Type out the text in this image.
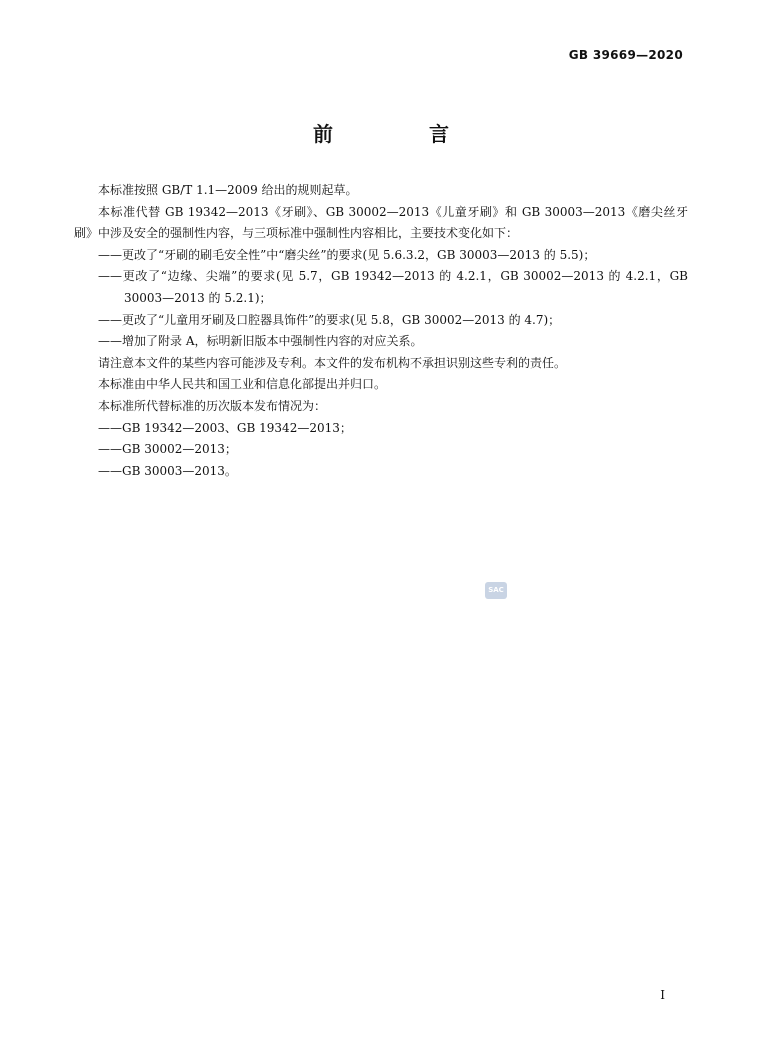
GB 39669—2020
前　言

本标准按照 GB/T 1.1—2009 给出的规则起草。

本标准代替 GB 19342—2013《牙刷》、GB 30002—2013《儿童牙刷》和 GB 30003—2013《磨尖丝牙刷》中涉及安全的强制性内容，与三项标准中强制性内容相比，主要技术变化如下：

——更改了“牙刷的刷毛安全性”中“磨尖丝”的要求(见 5.6.3.2，GB 30003—2013 的 5.5)；

——更改了“边缘、尖端”的要求(见 5.7，GB 19342—2013 的 4.2.1，GB 30002—2013 的 4.2.1，GB 30003—2013 的 5.2.1)；

——更改了“儿童用牙刷及口腔器具饰件”的要求(见 5.8，GB 30002—2013 的 4.7)；

——增加了附录 A，标明新旧版本中强制性内容的对应关系。

请注意本文件的某些内容可能涉及专利。本文件的发布机构不承担识别这些专利的责任。

本标准由中华人民共和国工业和信息化部提出并归口。

本标准所代替标准的历次版本发布情况为：

——GB 19342—2003、GB 19342—2013；

——GB 30002—2013；

——GB 30003—2013。

SAC
I
